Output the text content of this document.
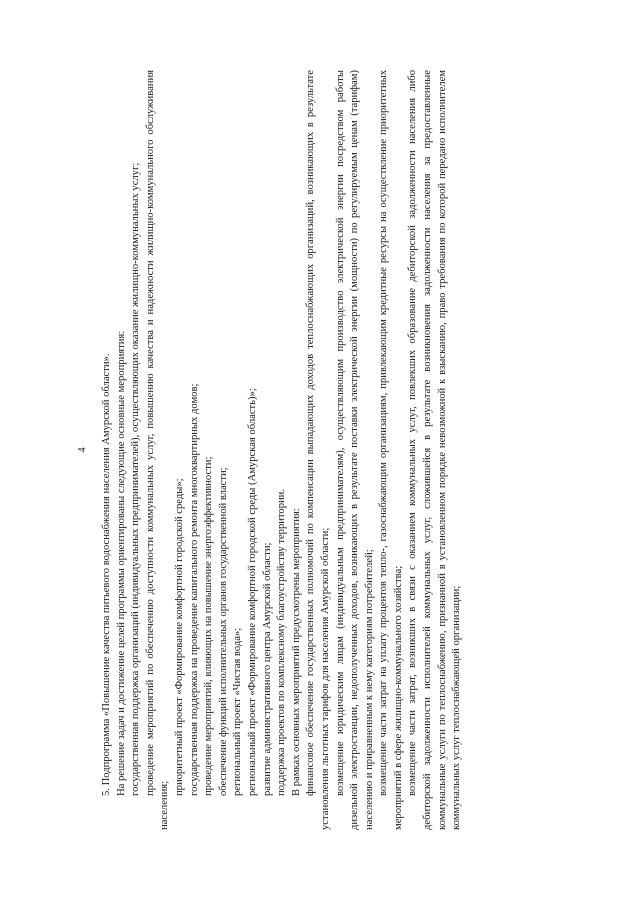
4 5. Подпрограмма «Повышение качества питьевого водоснабжения населения Амурской области». На решение задач и достижение целей программы ориентированы следующие основные мероприятия: государственная поддержка организаций (индивидуальных предпринимателей), осуществляющих оказание жилищно-коммунальных услуг; проведение мероприятий по обеспечению доступности коммунальных услуг, повышению качества и надежности жилищно-коммунального обслуживания населения;

приоритетный проект «Формирование комфортной городской среды»; государственная поддержка на проведение капитального ремонта многоквартирных домов; проведение мероприятий, влияющих на повышение энергоэффективности; обеспечение функций исполнительных органов государственной власти; региональный проект «Чистая вода»; региональный проект «Формирование комфортной городской среды (Амурская область)»; развитие административного центра Амурской области; поддержка проектов по комплексному благоустройству территории. В рамках основных мероприятий предусмотрены мероприятия: финансовое обеспечение государственных полномочий по компенсации выпадающих доходов теплоснабжающих организаций, возникающих в результате установления льготных тарифов для населения Амурской области; возмещение юридическим лицам (индивидуальным предпринимателям), осуществляющим производство электрической энергии посредством работы дизельной электростанции, недополученных доходов, возникающих в результате поставки электрической энергии (мощности) по регулируемым ценам (тарифам) населению и приравненным к нему категориям потребителей; возмещение части затрат на уплату процентов тепло-, газоснабжающим организациям, привлекающим кредитные ресурсы на осуществление приоритетных мероприятий в сфере жилищно-коммунального хозяйства; возмещение части затрат, возникших в связи с оказанием коммунальных услуг, повлекших образование дебиторской задолженности населения либо дебиторской задолженности исполнителей коммунальных услуг, сложившейся в результате возникновения задолженности населения за предоставленные коммунальные услуги по теплоснабжению, признанной в установленном порядке невозможной к взысканию, право требования по которой передано исполнителем коммунальных услуг теплоснабжающей организации;
